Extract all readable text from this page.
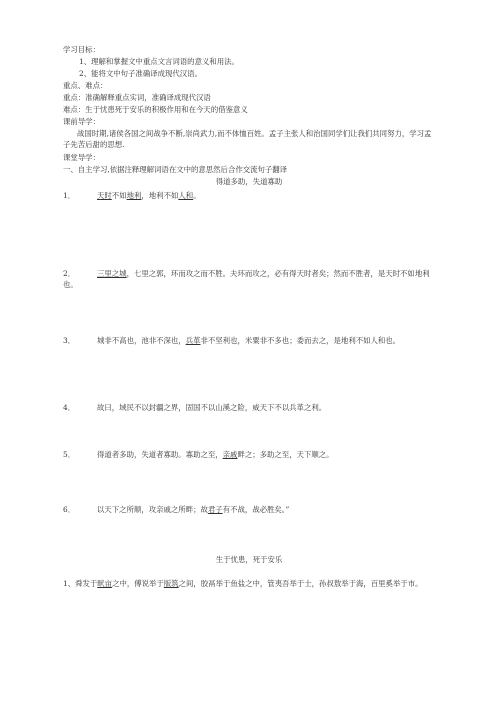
学习目标：

1、理解和掌握文中重点文言词语的意义和用法。

2、能将文中句子准确译成现代汉语。

重点、难点：

重点：准确解释重点实词，准确译成现代汉语

难点：生于忧患死于安乐的积极作用和在今天的借鉴意义

课前导学：

战国时期,诸侯各国之间战争不断,崇尚武力,而不体恤百姓。孟子主张人和治国同学们让我们共同努力，学习孟子先苦后甜的思想.

课堂导学：

一、自主学习,依据注释理解词语在文中的意思然后合作交流句子翻译

得道多助，失道寡助

1．	天时不如地利，地利不如人和。

2．	三里之城，七里之郭，环而攻之而不胜。夫环而攻之，必有得天时者矣；然而不胜者，是天时不如地利也。

3．	城非不高也，池非不深也，兵革非不坚利也，米粟非不多也；委而去之，是地利不如人和也。

4．	故曰，域民不以封疆之界，固国不以山溪之险，威天下不以兵革之利。

5．	得道者多助，失道者寡助。寡助之至，亲戚畔之；多助之至，天下顺之。

6．	以天下之所顺，攻亲戚之所畔；故君子有不战，战必胜矣。”

生于忧患，死于安乐

1、舜发于畎亩之中，傅说举于版筑之间，胶鬲举于鱼盐之中，管夷吾举于士，孙叔敖举于海，百里奚举于市。
